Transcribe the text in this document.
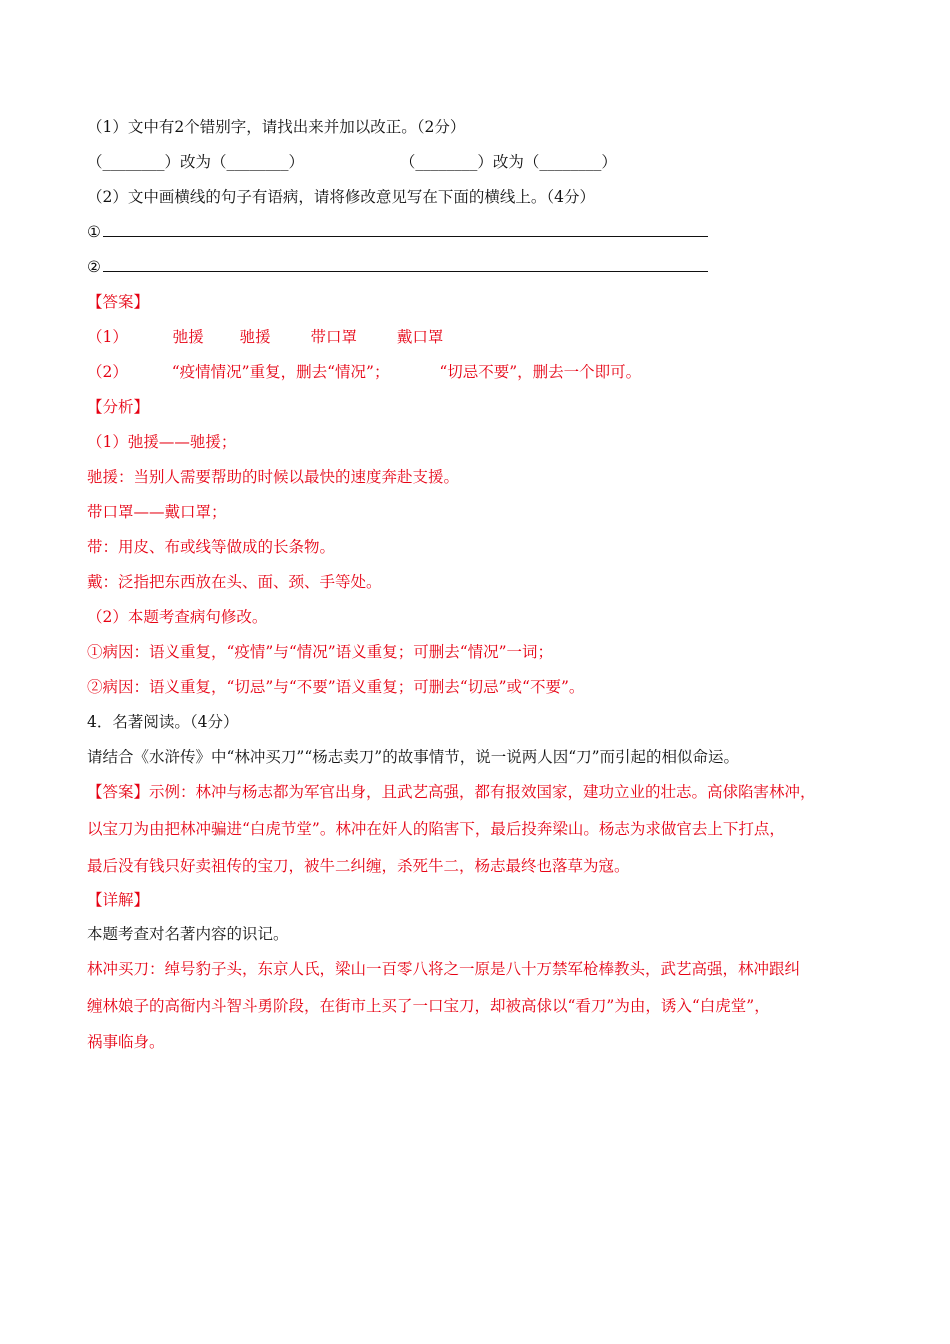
（1）文中有2个错别字，请找出来并加以改正。（2分）
（________）改为（________）	（________）改为（________）
（2）文中画横线的句子有语病，请将修改意见写在下面的横线上。（4分）
①
②
【答案】
（1）	弛援 驰援	带口罩	戴口罩
（2）	“疫情情况”重复，删去“情况”；	“切忌不要”，删去一个即可。
【分析】
（1）弛援——驰援；
驰援：当别人需要帮助的时候以最快的速度奔赴支援。
带口罩——戴口罩；
带：用皮、布或线等做成的长条物。
戴：泛指把东西放在头、面、颈、手等处。
（2）本题考查病句修改。
①病因：语义重复，“疫情”与“情况”语义重复；可删去“情况”一词；
②病因：语义重复，“切忌”与“不要”语义重复；可删去“切忌”或“不要”。
4．名著阅读。（4分）
请结合《水浒传》中“林冲买刀”“杨志卖刀”的故事情节，说一说两人因“刀”而引起的相似命运。
【答案】示例：林冲与杨志都为军官出身，且武艺高强，都有报效国家，建功立业的壮志。高俅陷害林冲，
以宝刀为由把林冲骗进“白虎节堂”。林冲在奸人的陷害下，最后投奔梁山。杨志为求做官去上下打点，
最后没有钱只好卖祖传的宝刀，被牛二纠缠，杀死牛二，杨志最终也落草为寇。
【详解】
本题考查对名著内容的识记。
林冲买刀：绰号豹子头，东京人氏，梁山一百零八将之一原是八十万禁军枪棒教头，武艺高强，林冲跟纠
缠林娘子的高衙内斗智斗勇阶段，在街市上买了一口宝刀，却被高俅以“看刀”为由，诱入“白虎堂”，
祸事临身。
